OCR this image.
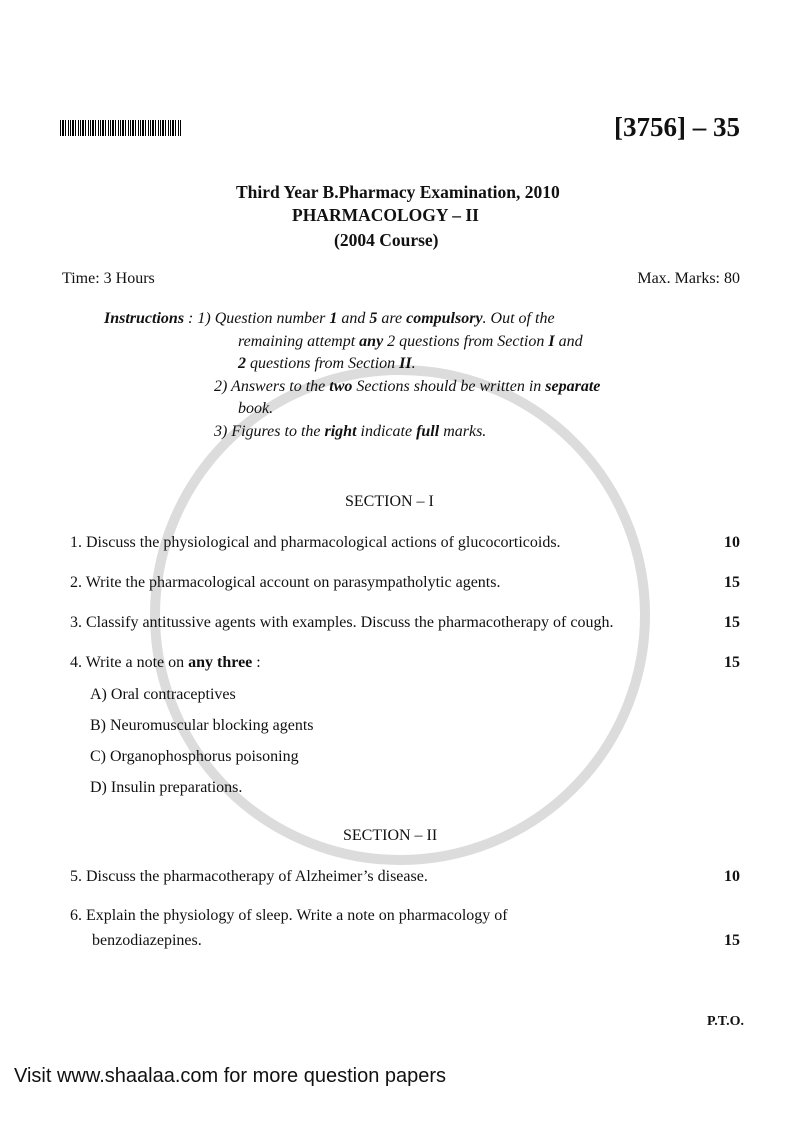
[3756] – 35
Third Year B.Pharmacy Examination, 2010
PHARMACOLOGY – II
(2004 Course)
Time: 3 Hours	Max. Marks: 80
Instructions : 1) Question number 1 and 5 are compulsory. Out of the
remaining attempt any 2 questions from Section I and
2 questions from Section II.
2) Answers to the two Sections should be written in separate
book.
3) Figures to the right indicate full marks.
SECTION – I
1. Discuss the physiological and pharmacological actions of glucocorticoids.	10
2. Write the pharmacological account on parasympatholytic agents.	15
3. Classify antitussive agents with examples. Discuss the pharmacotherapy of cough.	15
4. Write a note on any three :	15
A) Oral contraceptives
B) Neuromuscular blocking agents
C) Organophosphorus poisoning
D) Insulin preparations.
SECTION – II
5. Discuss the pharmacotherapy of Alzheimer’s disease.	10
6. Explain the physiology of sleep. Write a note on pharmacology of
benzodiazepines.	15
P.T.O.
Visit www.shaalaa.com for more question papers
